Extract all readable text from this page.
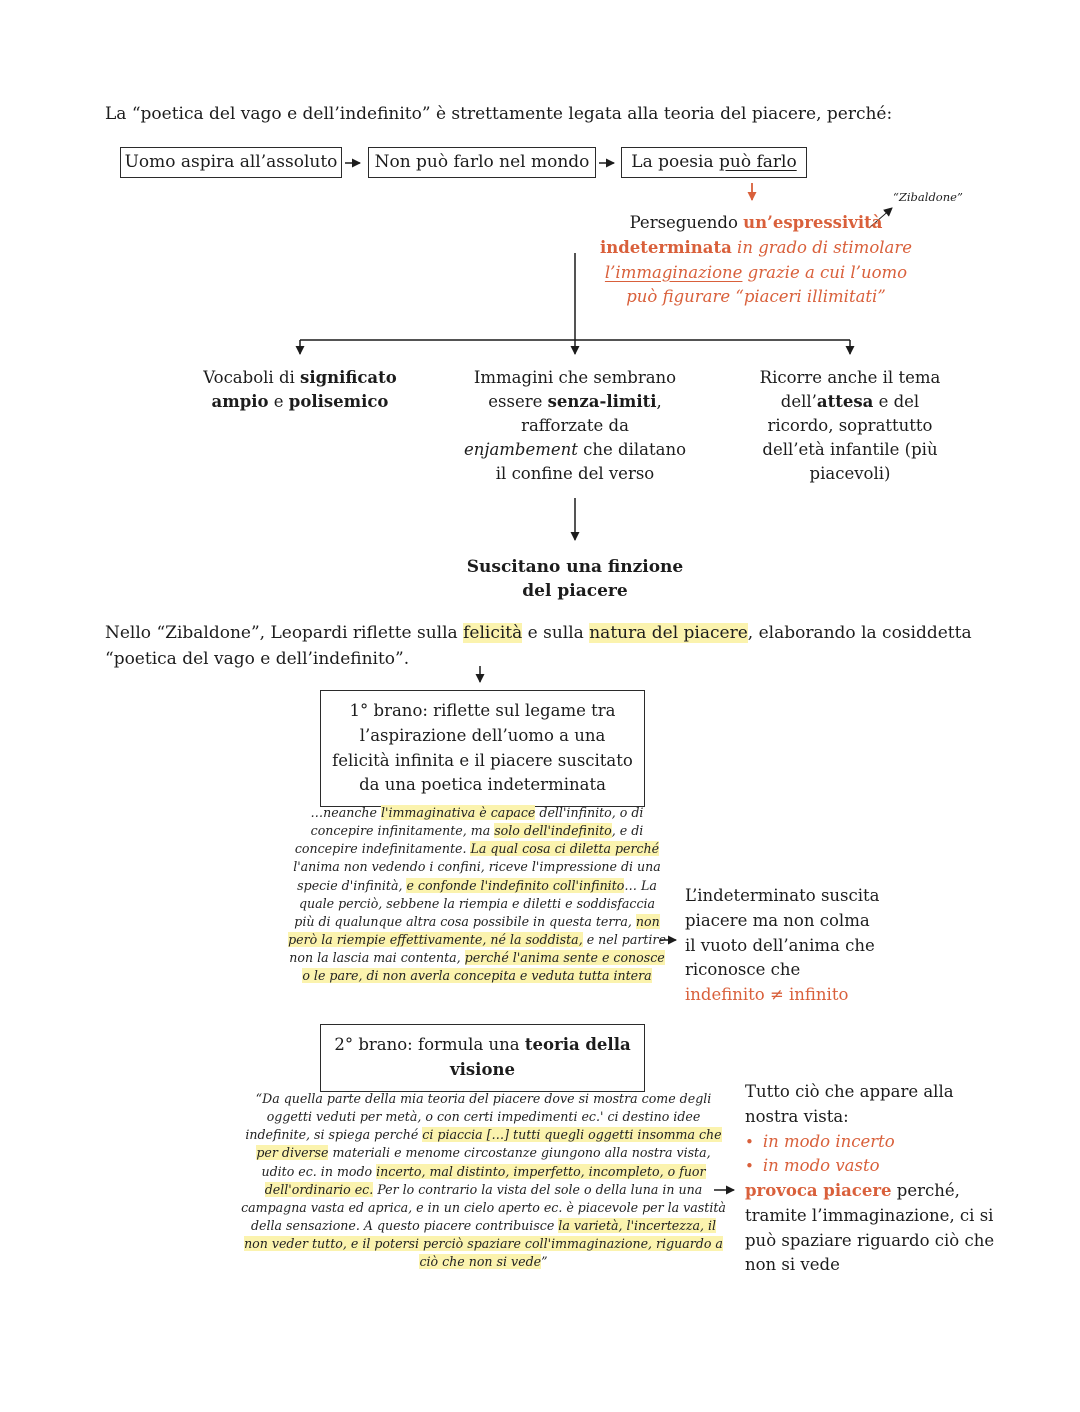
La “poetica del vago e dell’indefinito” è strettamente legata alla teoria del piacere, perché:

Uomo aspira all’assoluto	Non può farlo nel mondo	La poesia può farlo
“Zibaldone”
Perseguendo un’espressività indeterminata in grado di stimolare l’immaginazione grazie a cui l’uomo può figurare “piaceri illimitati”
Vocaboli di significato ampio e polisemico
Immagini che sembrano essere senza-limiti, rafforzate da enjambement che dilatano il confine del verso
Ricorre anche il tema dell’attesa e del ricordo, soprattutto dell’età infantile (più piacevoli)
Suscitano una finzione del piacere

Nello “Zibaldone”, Leopardi riflette sulla felicità e sulla natura del piacere, elaborando la cosiddetta “poetica del vago e dell’indefinito”.

1° brano: riflette sul legame tra l’aspirazione dell’uomo a una felicità infinita e il piacere suscitato da una poetica indeterminata
…neanche l'immaginativa è capace dell'infinito, o di concepire infinitamente, ma solo dell'indefinito, e di concepire indefinitamente. La qual cosa ci diletta perché l'anima non vedendo i confini, riceve l'impressione di una specie d'infinità, e confonde l'indefinito coll'infinito… La quale perciò, sebbene la riempia e diletti e soddisfaccia più di qualunque altra cosa possibile in questa terra, non però la riempie effettivamente, né la soddista, e nel partire non la lascia mai contenta, perché l'anima sente e conosce o le pare, di non averla concepita e veduta tutta intera
L’indeterminato suscita piacere ma non colma il vuoto dell’anima che riconosce che
indefinito ≠ infinito
2° brano: formula una teoria della visione
“Da quella parte della mia teoria del piacere dove si mostra come degli oggetti veduti per metà, o con certi impedimenti ec.' ci destino idee indefinite, si spiega perché ci piaccia […] tutti quegli oggetti insomma che per diverse materiali e menome circostanze giungono alla nostra vista, udito ec. in modo incerto, mal distinto, imperfetto, incompleto, o fuor dell'ordinario ec. Per lo contrario la vista del sole o della luna in una campagna vasta ed aprica, e in un cielo aperto ec. è piacevole per la vastità della sensazione. A questo piacere contribuisce la varietà, l'incertezza, il non veder tutto, e il potersi perciò spaziare coll'immaginazione, riguardo a ciò che non si vede”
Tutto ciò che appare alla nostra vista:
• in modo incerto
• in modo vasto
provoca piacere perché, tramite l’immaginazione, ci si può spaziare riguardo ciò che non si vede
